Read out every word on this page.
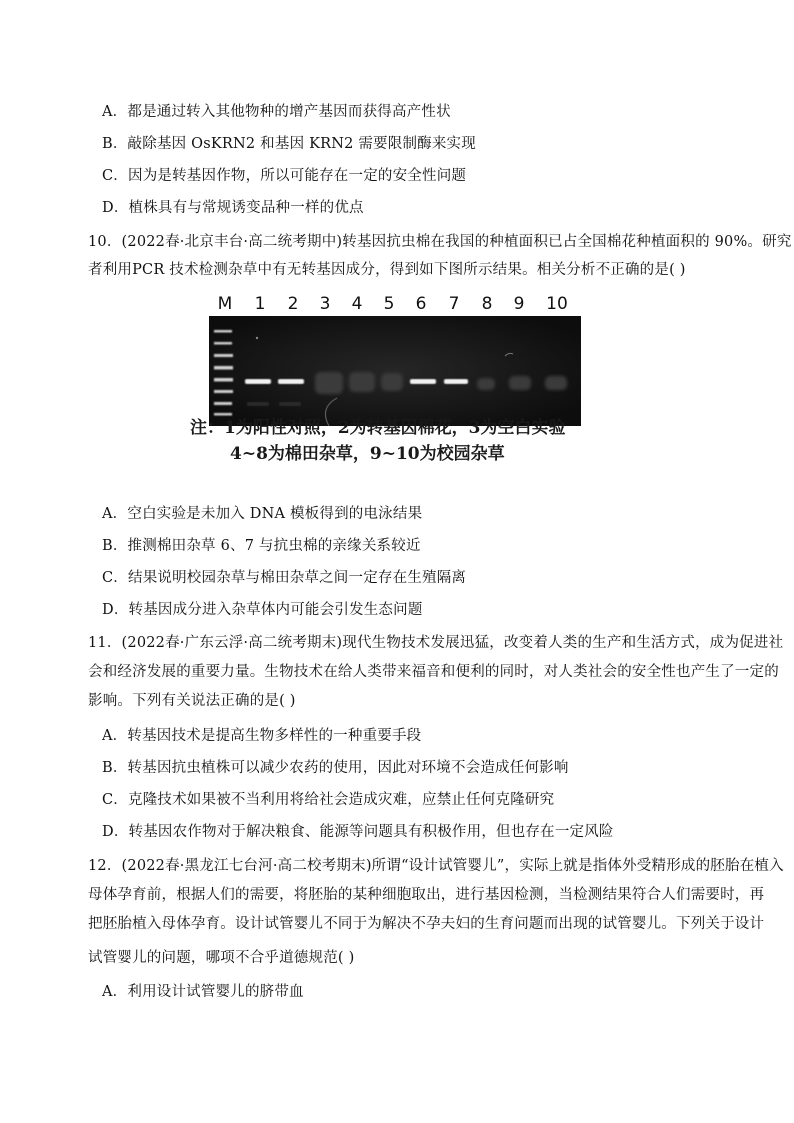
A．都是通过转入其他物种的增产基因而获得高产性状
B．敲除基因 OsKRN2 和基因 KRN2 需要限制酶来实现
C．因为是转基因作物，所以可能存在一定的安全性问题
D．植株具有与常规诱变品种一样的优点
10．(2022春·北京丰台·高二统考期中)转基因抗虫棉在我国的种植面积已占全国棉花种植面积的 90%。研究
者利用PCR 技术检测杂草中有无转基因成分，得到如下图所示结果。相关分析不正确的是( )
M 1 2 3 4 5 6 7 8 9 10
注：1为阳性对照，2为转基因棉花，3为空白实验
4~8为棉田杂草，9~10为校园杂草
A．空白实验是未加入 DNA 模板得到的电泳结果
B．推测棉田杂草 6、7 与抗虫棉的亲缘关系较近
C．结果说明校园杂草与棉田杂草之间一定存在生殖隔离
D．转基因成分进入杂草体内可能会引发生态问题
11．(2022春·广东云浮·高二统考期末)现代生物技术发展迅猛，改变着人类的生产和生活方式，成为促进社
会和经济发展的重要力量。生物技术在给人类带来福音和便利的同时，对人类社会的安全性也产生了一定的
影响。下列有关说法正确的是( )
A．转基因技术是提高生物多样性的一种重要手段
B．转基因抗虫植株可以减少农药的使用，因此对环境不会造成任何影响
C．克隆技术如果被不当利用将给社会造成灾难，应禁止任何克隆研究
D．转基因农作物对于解决粮食、能源等问题具有积极作用，但也存在一定风险
12．(2022春·黑龙江七台河·高二校考期末)所谓“设计试管婴儿”，实际上就是指体外受精形成的胚胎在植入
母体孕育前，根据人们的需要，将胚胎的某种细胞取出，进行基因检测，当检测结果符合人们需要时，再
把胚胎植入母体孕育。设计试管婴儿不同于为解决不孕夫妇的生育问题而出现的试管婴儿。下列关于设计
试管婴儿的问题，哪项不合乎道德规范( )
A．利用设计试管婴儿的脐带血
